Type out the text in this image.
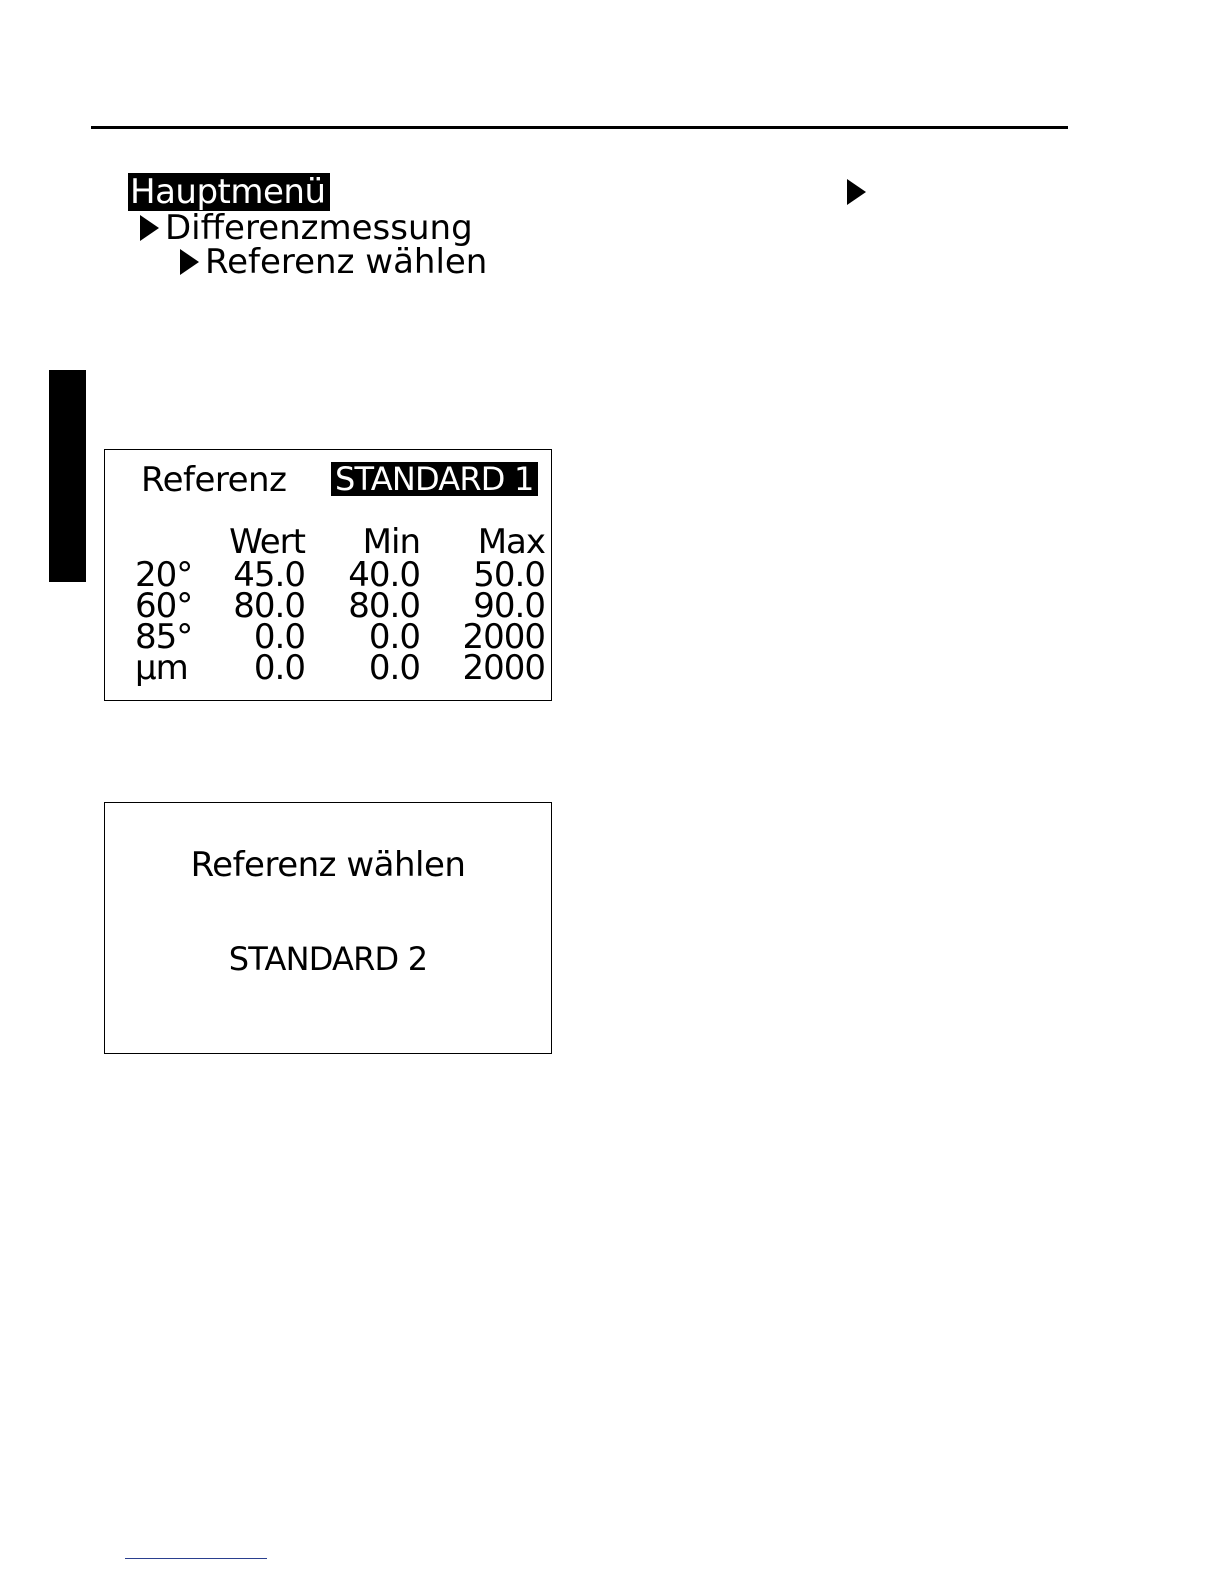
Hauptmenü
Differenzmessung
Referenz wählen
Referenz STANDARD 1
	Wert	Min	Max
20°	45.0	40.0	50.0
60°	80.0	80.0	90.0
85°	0.0	0.0	2000
µm	0.0	0.0	2000
Referenz wählen
STANDARD 2
